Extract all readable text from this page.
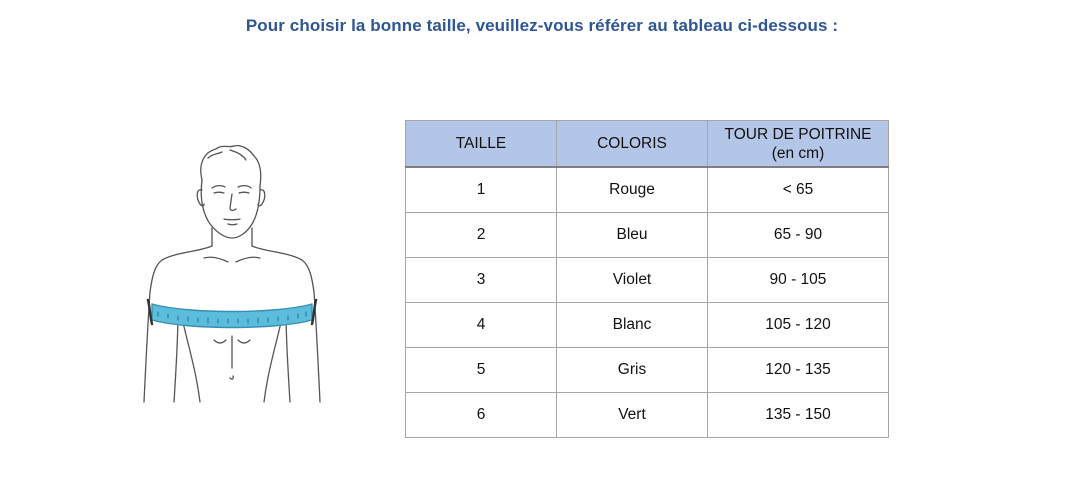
Pour choisir la bonne taille, veuillez-vous référer au tableau ci-dessous :
TAILLE	COLORIS	TOUR DE POITRINE
(en cm)
1	Rouge	< 65
2	Bleu	65 - 90
3	Violet	90 - 105
4	Blanc	105 - 120
5	Gris	120 - 135
6	Vert	135 - 150
